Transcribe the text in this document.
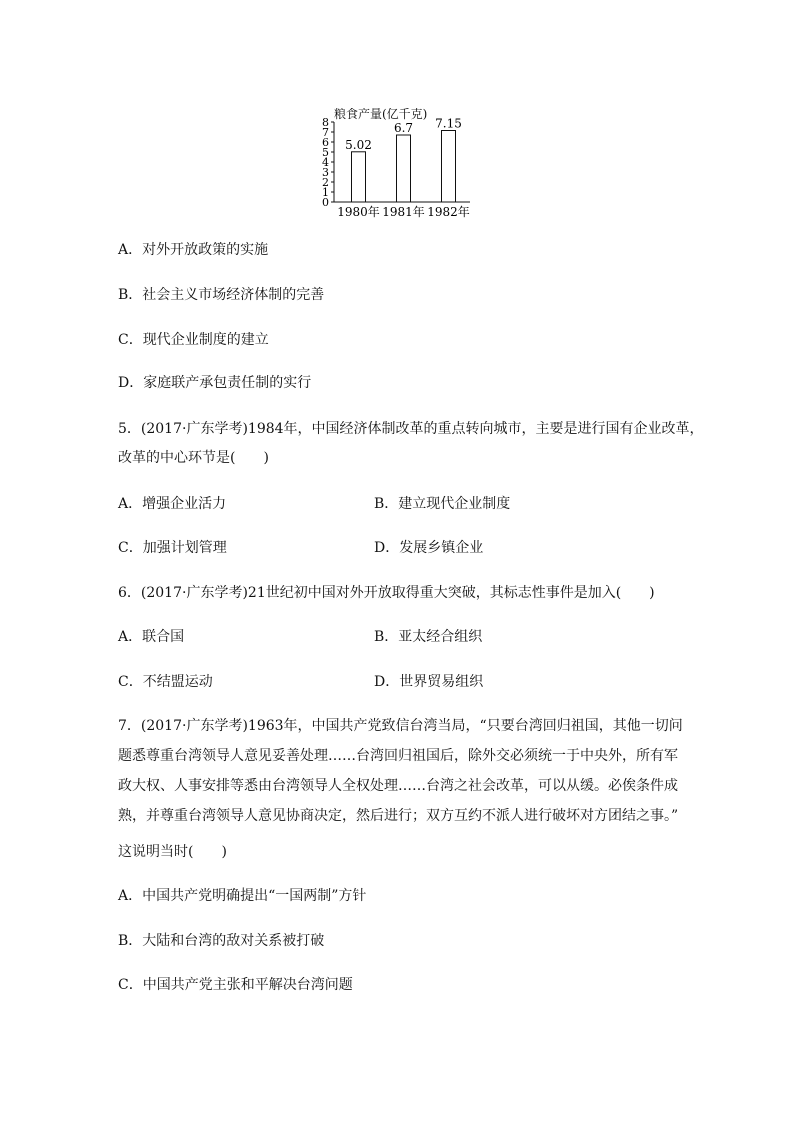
粮食产量(亿千克)
0
1
2
3
4
5
6
7
8
5.02
6.7 7.15
1980年 1981年 1982年
A．对外开放政策的实施
B．社会主义市场经济体制的完善
C．现代企业制度的建立
D．家庭联产承包责任制的实行
5．(2017·广东学考)1984年，中国经济体制改革的重点转向城市，主要是进行国有企业改革，
改革的中心环节是(　　)
A．增强企业活力	B．建立现代企业制度
C．加强计划管理	D．发展乡镇企业
6．(2017·广东学考)21世纪初中国对外开放取得重大突破，其标志性事件是加入(　　)
A．联合国	B．亚太经合组织
C．不结盟运动	D．世界贸易组织
7．(2017·广东学考)1963年，中国共产党致信台湾当局，“只要台湾回归祖国，其他一切问
题悉尊重台湾领导人意见妥善处理……台湾回归祖国后，除外交必须统一于中央外，所有军
政大权、人事安排等悉由台湾领导人全权处理……台湾之社会改革，可以从缓。必俟条件成
熟，并尊重台湾领导人意见协商决定，然后进行；双方互约不派人进行破坏对方团结之事。”
这说明当时(　　)
A．中国共产党明确提出“一国两制”方针
B．大陆和台湾的敌对关系被打破
C．中国共产党主张和平解决台湾问题
